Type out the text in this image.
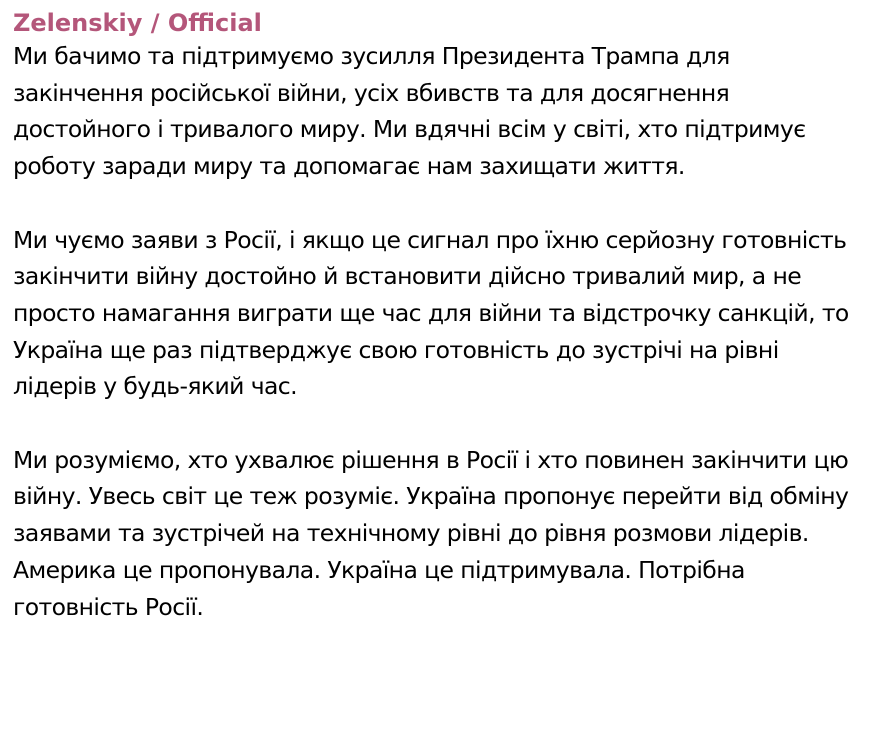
Zelenskiy / Official

Ми бачимо та підтримуємо зусилля Президента Трампа для закінчення російської війни, усіх вбивств та для досягнення достойного і тривалого миру. Ми вдячні всім у світі, хто підтримує роботу заради миру та допомагає нам захищати життя.

Ми чуємо заяви з Росії, і якщо це сигнал про їхню серйозну готовність закінчити війну достойно й встановити дійсно тривалий мир, а не просто намагання виграти ще час для війни та відстрочку санкцій, то Україна ще раз підтверджує свою готовність до зустрічі на рівні лідерів у будь-який час.

Ми розуміємо, хто ухвалює рішення в Росії і хто повинен закінчити цю війну. Увесь світ це теж розуміє. Україна пропонує перейти від обміну заявами та зустрічей на технічному рівні до рівня розмови лідерів. Америка це пропонувала. Україна це підтримувала. Потрібна готовність Росії.
